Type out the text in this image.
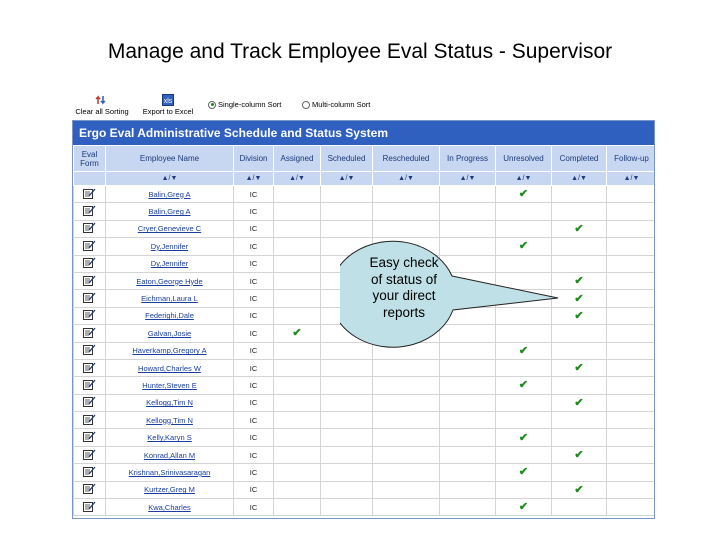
Manage and Track Employee Eval Status - Supervisor
Clear all Sorting
xls
Export to Excel
Single-column Sort	Multi-column Sort
Ergo Eval Administrative Schedule and Status System
Eval
Form	Employee Name	Division	Assigned	Scheduled	Rescheduled	In Progress	Unresolved	Completed	Follow-up
	▲/▼	▲/▼	▲/▼	▲/▼	▲/▼	▲/▼	▲/▼	▲/▼	▲/▼
	Balin,Greg A	IC					✔		
	Balin,Greg A	IC							
	Cryer,Genevieve C	IC						✔	
	Dy,Jennifer	IC					✔		
	Dy,Jennifer	IC							
	Eaton,George Hyde	IC						✔	
	Eichman,Laura L	IC						✔	
	Federighi,Dale	IC						✔	
	Galvan,Josie	IC	✔						
	Haverkamp,Gregory A	IC					✔		
	Howard,Charles W	IC						✔	
	Hunter,Steven E	IC					✔		
	Kellogg,Tim N	IC						✔	
	Kellogg,Tim N	IC							
	Kelly,Karyn S	IC					✔		
	Konrad,Allan M	IC						✔	
	Krishnan,Srinivasaragan	IC					✔		
	Kurtzer,Greg M	IC						✔	
	Kwa,Charles	IC					✔		
Easy check
of status of
your direct
reports
